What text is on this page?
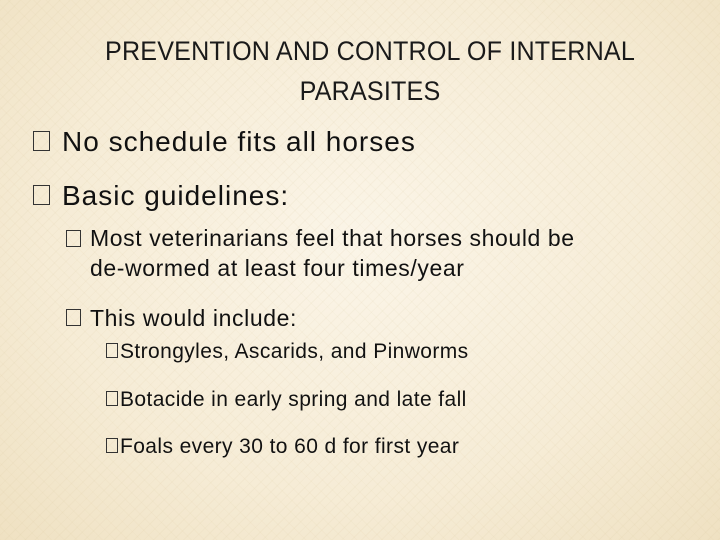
PREVENTION AND CONTROL OF INTERNAL PARASITES
No schedule fits all horses
Basic guidelines:
Most veterinarians feel that horses should be
de-wormed at least four times/year
This would include:
Strongyles, Ascarids, and Pinworms
Botacide in early spring and late fall
Foals every 30 to 60 d for first year
